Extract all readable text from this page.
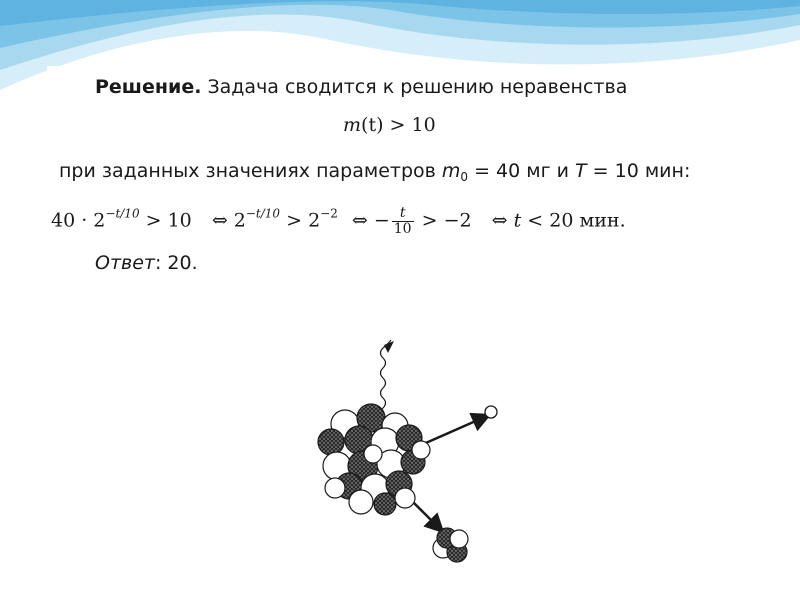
Решение. Задача сводится к решению неравенства
m(t) > 10
при заданных значениях параметров $m_0 = 40$ мг и T = 10 мин:
$40 \cdot 2^{-t/10} > 10$ ⇔ $2^{-t/10} > 2^{-2}$ ⇔ − $\frac{t}{10} > -2$ ⇔ t < 20 мин.
Ответ: 20.
